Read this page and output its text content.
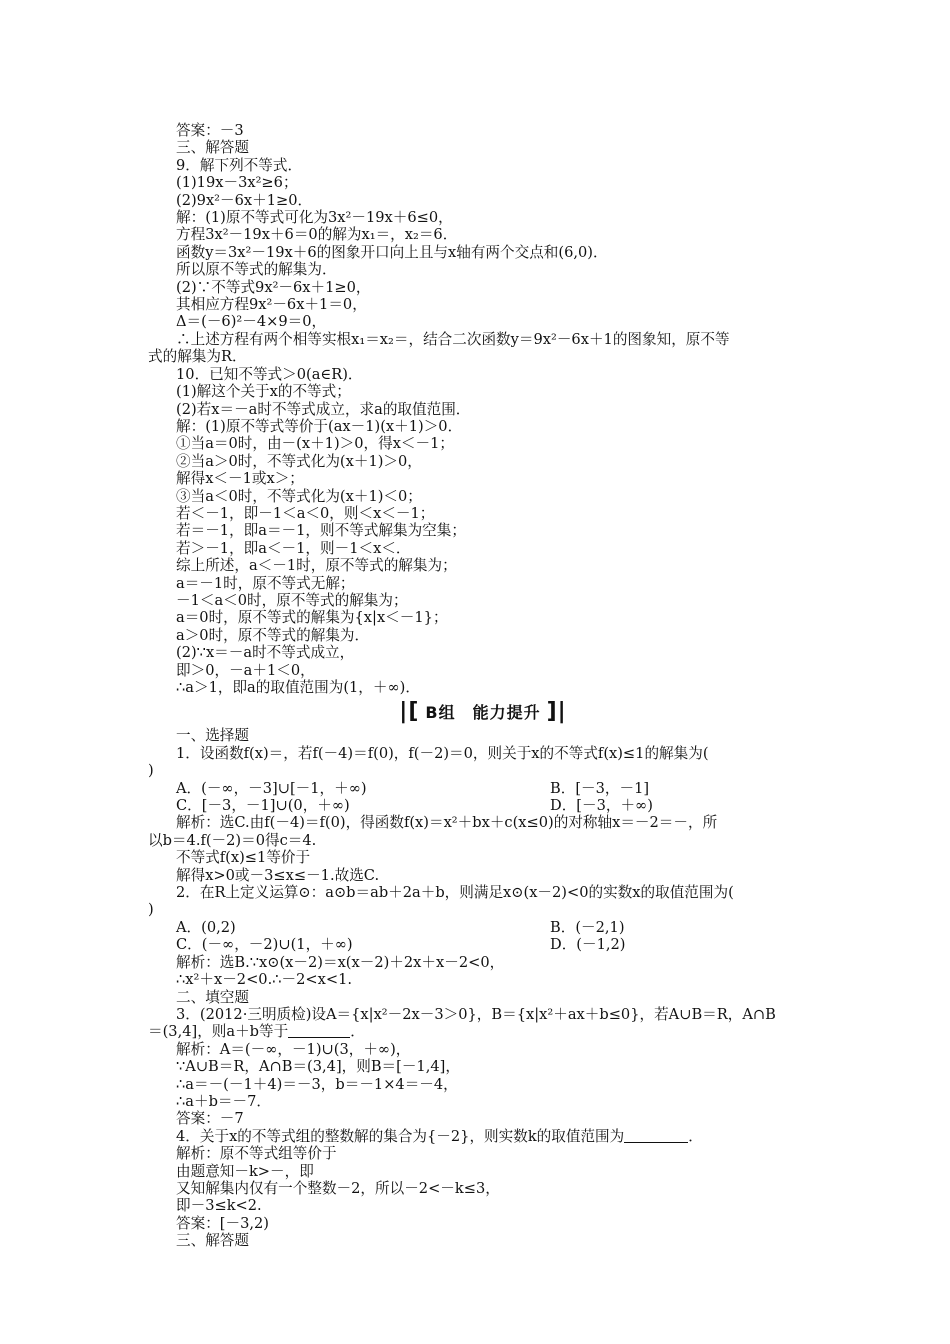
答案：－3
三、解答题
9．解下列不等式．
(1)19x－3x²≥6；
(2)9x²－6x＋1≥0．
解：(1)原不等式可化为3x²－19x＋6≤0，
方程3x²－19x＋6＝0的解为x₁＝，x₂＝6．
函数y＝3x²－19x＋6的图象开口向上且与x轴有两个交点和(6,0)．
所以原不等式的解集为．
(2)∵不等式9x²－6x＋1≥0，
其相应方程9x²－6x＋1＝0，
Δ＝(－6)²－4×9＝0，
∴上述方程有两个相等实根x₁＝x₂＝，结合二次函数y＝9x²－6x＋1的图象知，原不等
式的解集为R．
10．已知不等式＞0(a∈R)．
(1)解这个关于x的不等式；
(2)若x＝－a时不等式成立，求a的取值范围．
解：(1)原不等式等价于(ax－1)(x＋1)＞0．
①当a＝0时，由－(x＋1)＞0，得x＜－1；
②当a＞0时，不等式化为(x＋1)＞0，
解得x＜－1或x＞；
③当a＜0时，不等式化为(x＋1)＜0；
若＜－1，即－1＜a＜0，则＜x＜－1；
若＝－1，即a＝－1，则不等式解集为空集；
若＞－1，即a＜－1，则－1＜x＜．
综上所述，a＜－1时，原不等式的解集为；
a＝－1时，原不等式无解；
－1＜a＜0时，原不等式的解集为；
a＝0时，原不等式的解集为{x|x＜－1}；
a＞0时，原不等式的解集为．
(2)∵x＝－a时不等式成立，
即＞0，－a＋1＜0，
∴a＞1，即a的取值范围为(1，＋∞)．
|[ B组　能力提升 ]|
一、选择题
1．设函数f(x)＝，若f(－4)＝f(0)，f(－2)＝0，则关于x的不等式f(x)≤1的解集为(
)
A．(－∞，－3]∪[－1，＋∞)	B．[－3，－1]
C．[－3，－1]∪(0，＋∞)	D．[－3，＋∞)
解析：选C.由f(－4)＝f(0)，得函数f(x)＝x²＋bx＋c(x≤0)的对称轴x＝－2＝－，所
以b＝4.f(－2)＝0得c＝4.
不等式f(x)≤1等价于
解得x>0或－3≤x≤－1.故选C.
2．在R上定义运算⊙：a⊙b＝ab＋2a＋b，则满足x⊙(x－2)<0的实数x的取值范围为(
)
A．(0,2)	B．(－2,1)
C．(－∞，－2)∪(1，＋∞)	D．(－1,2)
解析：选B.∵x⊙(x－2)＝x(x－2)＋2x＋x－2<0，
∴x²＋x－2<0.∴－2<x<1.
二、填空题
3．(2012·三明质检)设A＝{x|x²－2x－3＞0}，B＝{x|x²＋ax＋b≤0}，若A∪B＝R，A∩B
＝(3,4]，则a＋b等于	．
解析：A＝(－∞，－1)∪(3，＋∞)，
∵A∪B＝R，A∩B＝(3,4]，则B＝[－1,4]，
∴a＝－(－1＋4)＝－3，b＝－1×4＝－4，
∴a＋b＝－7．
答案：－7
4．关于x的不等式组的整数解的集合为{－2}，则实数k的取值范围为	．
解析：原不等式组等价于
由题意知－k>－，即
又知解集内仅有一个整数－2，所以－2<－k≤3，
即－3≤k<2.
答案：[－3,2)
三、解答题
